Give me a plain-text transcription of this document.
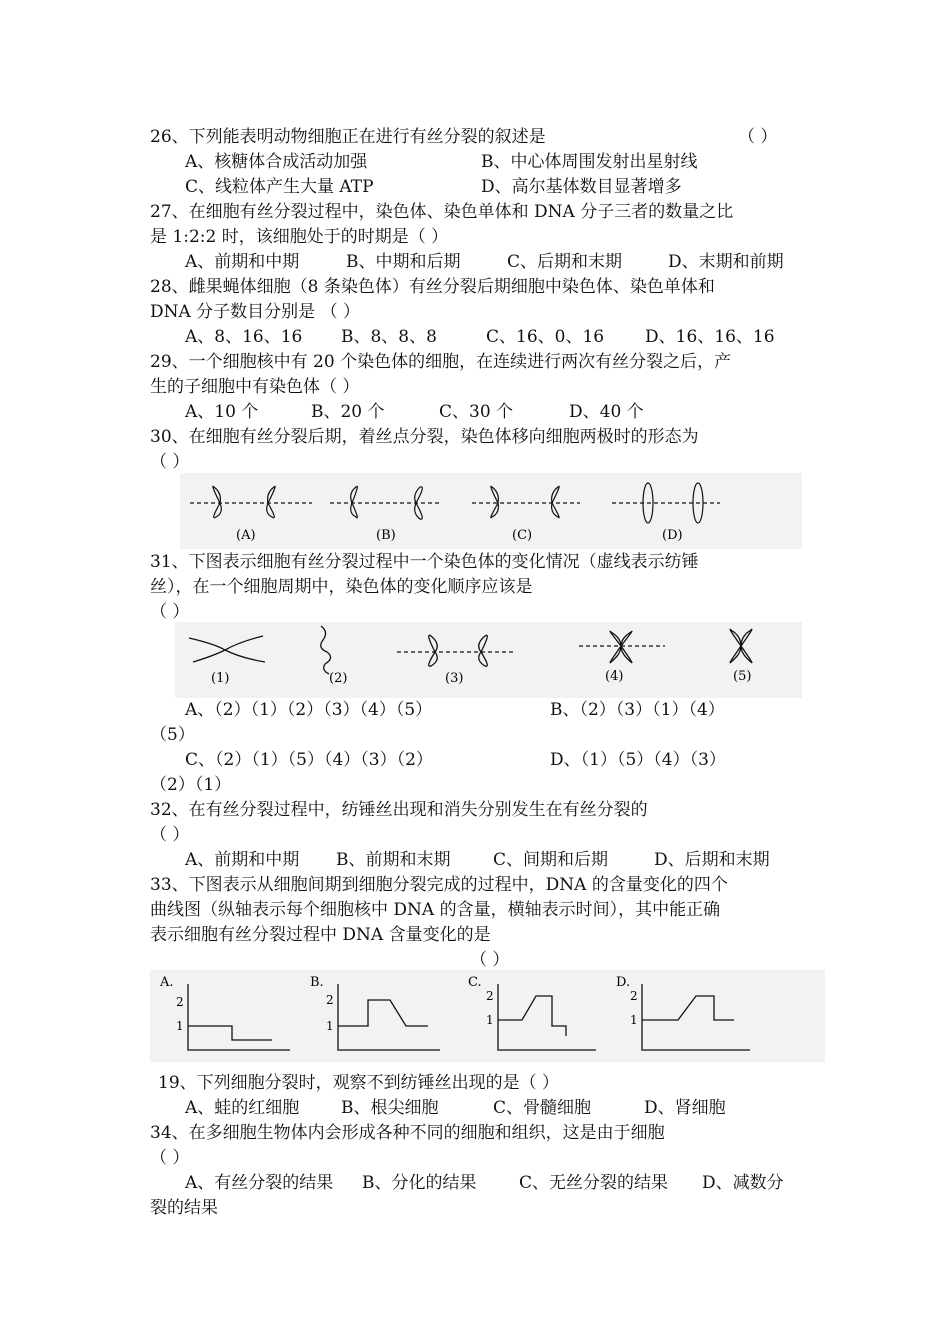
26、下列能表明动物细胞正在进行有丝分裂的叙述是	（ ）
A、核糖体合成活动加强	B、中心体周围发射出星射线
C、线粒体产生大量 ATP	D、高尔基体数目显著增多
27、在细胞有丝分裂过程中，染色体、染色单体和 DNA 分子三者的数量之比
是 1:2:2 时，该细胞处于的时期是（ ）
A、前期和中期	B、中期和后期	C、后期和末期	D、末期和前期
28、雌果蝇体细胞（8 条染色体）有丝分裂后期细胞中染色体、染色单体和
DNA 分子数目分别是 （ ）
A、8、16、16 B、8、8、8	C、16、0、16 D、16、16、16
29、一个细胞核中有 20 个染色体的细胞，在连续进行两次有丝分裂之后，产
生的子细胞中有染色体（ ）
A、10 个	B、20 个	C、30 个	D、40 个
30、在细胞有丝分裂后期，着丝点分裂，染色体移向细胞两极时的形态为
（ ）
(A)	(B)	(C)	(D)
31、下图表示细胞有丝分裂过程中一个染色体的变化情况（虚线表示纺锤
丝），在一个细胞周期中，染色体的变化顺序应该是
（ ）
(1)	(2)	(3)	(4)	(5)
A、（2）（1）（2）（3）（4）（5）	B、（2）（3）（1）（4）
（5）
C、（2）（1）（5）（4）（3）（2）	D、（1）（5）（4）（3）
（2）（1）
32、在有丝分裂过程中，纺锤丝出现和消失分别发生在有丝分裂的
（ ）
A、前期和中期 B、前期和末期	C、间期和后期	D、后期和末期
33、下图表示从细胞间期到细胞分裂完成的过程中，DNA 的含量变化的四个
曲线图（纵轴表示每个细胞核中 DNA 的含量，横轴表示时间），其中能正确
表示细胞有丝分裂过程中 DNA 含量变化的是
（ ）
A.	B.	C.	D.
2
1
2
1
2
1
2
1
19、下列细胞分裂时，观察不到纺锤丝出现的是（ ）
A、蛙的红细胞 B、根尖细胞	C、骨髓细胞	D、肾细胞
34、在多细胞生物体内会形成各种不同的细胞和组织，这是由于细胞
（ ）
A、有丝分裂的结果 B、分化的结果	C、无丝分裂的结果 D、减数分
裂的结果
